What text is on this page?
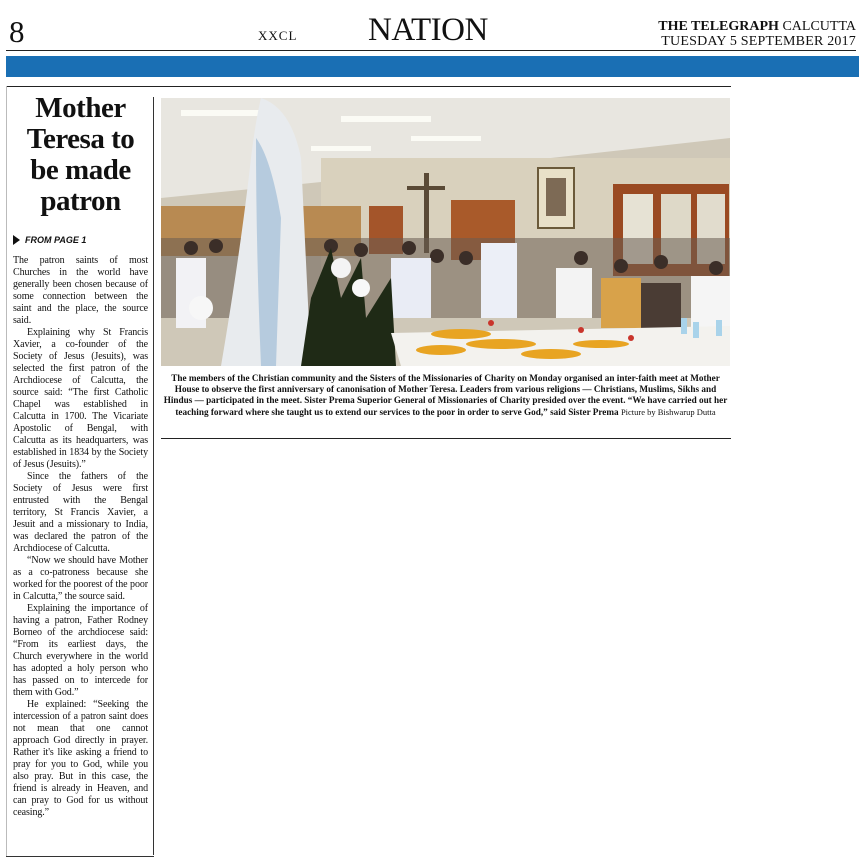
8	XXCL NATION	THE TELEGRAPH CALCUTTA
TUESDAY 5 SEPTEMBER 2017
Mother Teresa to be made patron
FROM PAGE 1

The patron saints of most Churches in the world have generally been chosen because of some connection between the saint and the place, the source said.

Explaining why St Francis Xavier, a co-founder of the Society of Jesus (Jesuits), was selected the first patron of the Archdiocese of Calcutta, the source said: “The first Catholic Chapel was established in Calcutta in 1700. The Vicariate Apostolic of Bengal, with Calcutta as its headquarters, was established in 1834 by the Society of Jesus (Jesuits).”

Since the fathers of the Society of Jesus were first entrusted with the Bengal territory, St Francis Xavier, a Jesuit and a missionary to India, was declared the patron of the Archdiocese of Calcutta.

“Now we should have Mother as a co-patroness because she worked for the poorest of the poor in Calcutta,” the source said.

Explaining the importance of having a patron, Father Rodney Borneo of the archdiocese said: “From its earliest days, the Church everywhere in the world has adopted a holy person who has passed on to intercede for them with God.”

He explained: “Seeking the intercession of a patron saint does not mean that one cannot approach God directly in prayer. Rather it's like asking a friend to pray for you to God, while you also pray. But in this case, the friend is already in Heaven, and can pray to God for us without ceasing.”

The members of the Christian community and the Sisters of the Missionaries of Charity on Monday organised an inter-faith meet at Mother House to observe the first anniversary of canonisation of Mother Teresa. Leaders from various religions — Christians, Muslims, Sikhs and Hindus — participated in the meet. Sister Prema Superior General of Missionaries of Charity presided over the event. “We have carried out her teaching forward where she taught us to extend our services to the poor in order to serve God,” said Sister Prema Picture by Bishwarup Dutta
